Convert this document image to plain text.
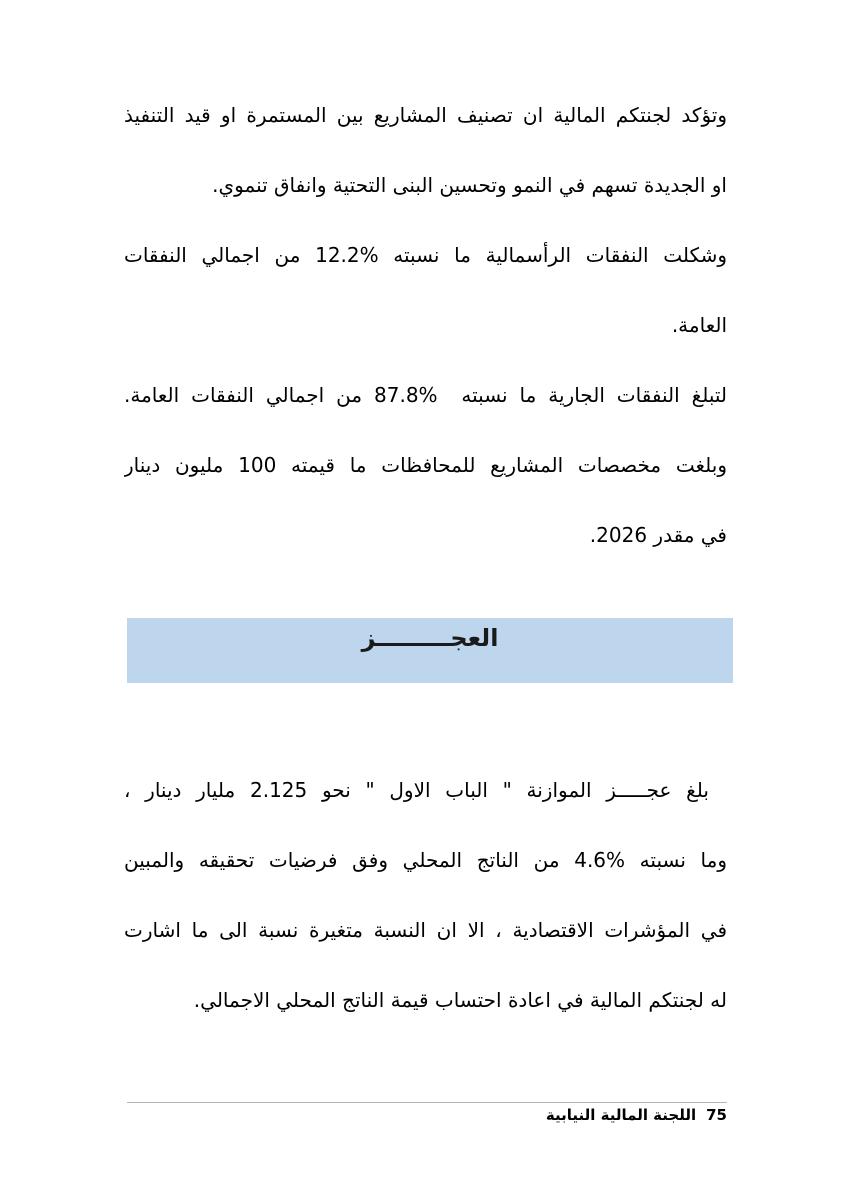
وتؤكد لجنتكم المالية ان تصنيف المشاريع بين المستمرة او قيد التنفيذ
او الجديدة تسهم في النمو وتحسين البنى التحتية وانفاق تنموي.
وشكلت النفقات الرأسمالية ما نسبته %12.2 من اجمالي النفقات
العامة.
لتبلغ النفقات الجارية ما نسبته  %87.8 من اجمالي النفقات العامة.
وبلغت مخصصات المشاريع للمحافظات ما قيمته 100 مليون دينار
في مقدر 2026.
العجـــــــــز
بلغ عجـــــز الموازنة " الباب الاول " نحو 2.125 مليار دينار ،
وما نسبته %4.6 من الناتج المحلي وفق فرضيات تحقيقه والمبين
في المؤشرات الاقتصادية ، الا ان النسبة متغيرة نسبة الى ما اشارت
له لجنتكم المالية في اعادة احتساب قيمة الناتج المحلي الاجمالي.
75اللجنة المالية النيابية
